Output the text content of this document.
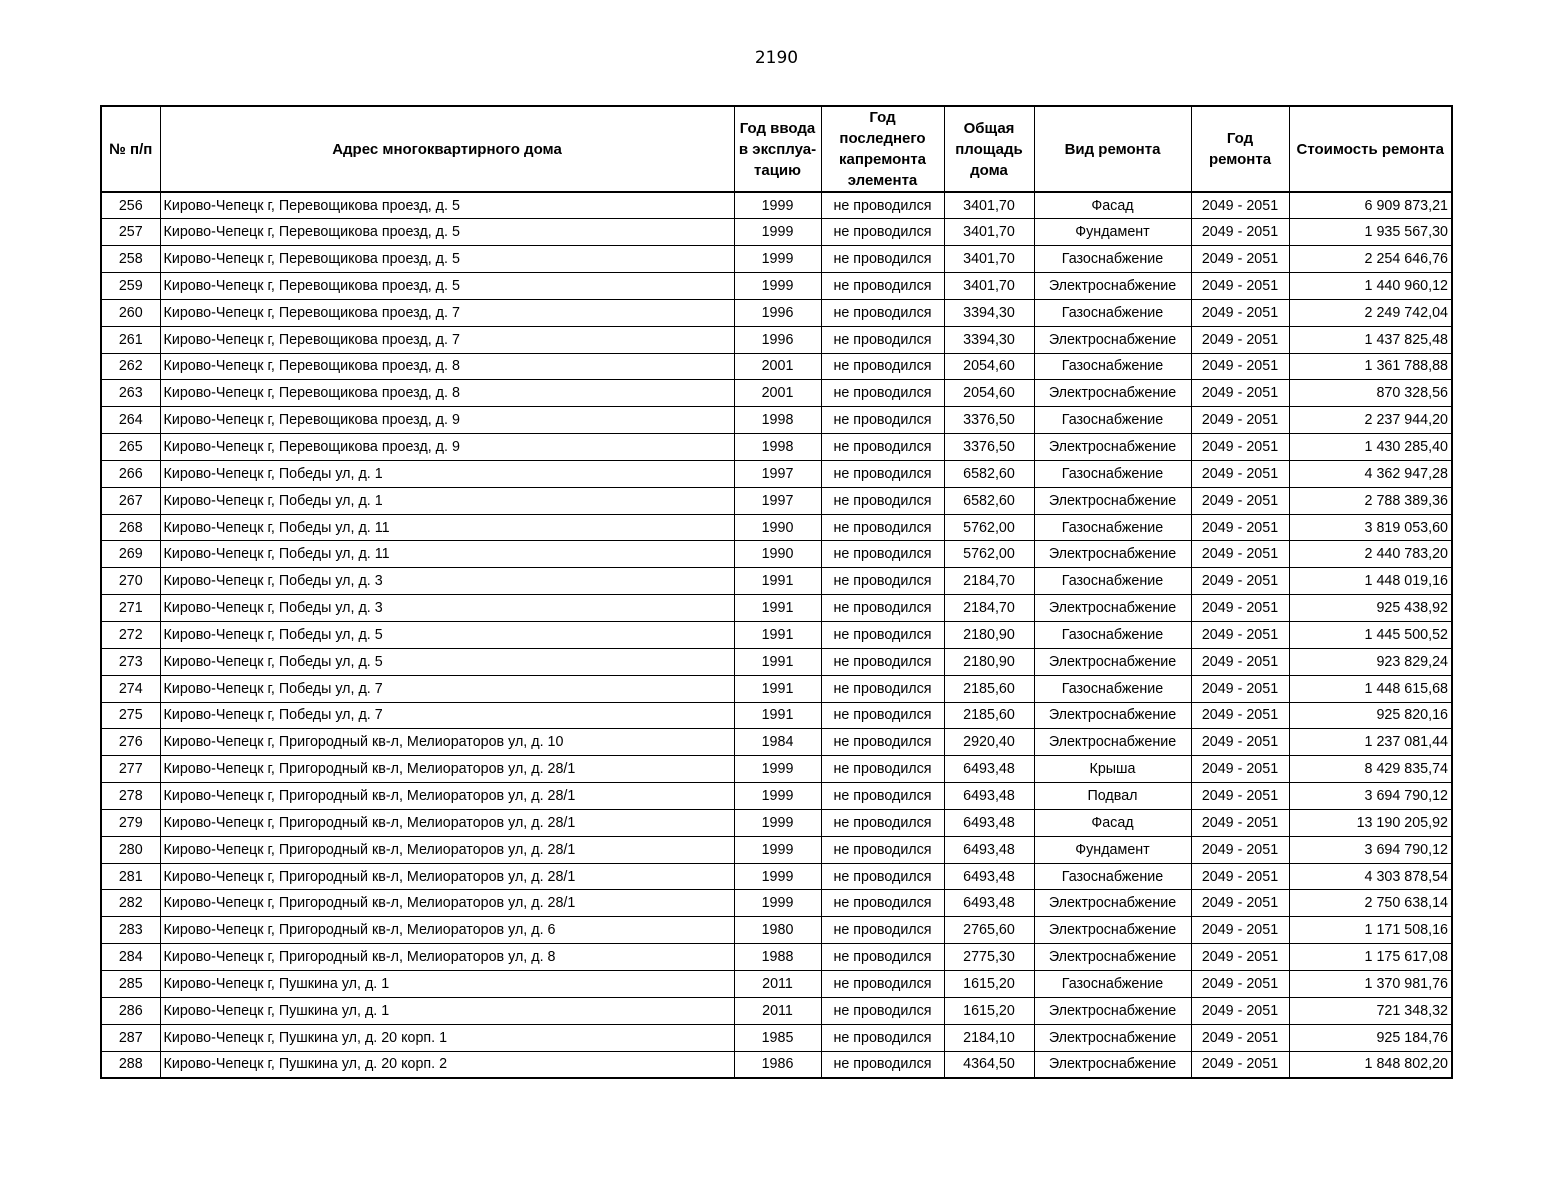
2190
№ п/п	Адрес многоквартирного дома	Год ввода в эксплуа-тацию	Год последнего капремонта элемента	Общая площадь дома	Вид ремонта	Год ремонта	Стоимость ремонта
256	Кирово-Чепецк г, Перевощикова проезд, д. 5	1999	не проводился	3401,70	Фасад	2049 - 2051	6 909 873,21
257	Кирово-Чепецк г, Перевощикова проезд, д. 5	1999	не проводился	3401,70	Фундамент	2049 - 2051	1 935 567,30
258	Кирово-Чепецк г, Перевощикова проезд, д. 5	1999	не проводился	3401,70	Газоснабжение	2049 - 2051	2 254 646,76
259	Кирово-Чепецк г, Перевощикова проезд, д. 5	1999	не проводился	3401,70	Электроснабжение	2049 - 2051	1 440 960,12
260	Кирово-Чепецк г, Перевощикова проезд, д. 7	1996	не проводился	3394,30	Газоснабжение	2049 - 2051	2 249 742,04
261	Кирово-Чепецк г, Перевощикова проезд, д. 7	1996	не проводился	3394,30	Электроснабжение	2049 - 2051	1 437 825,48
262	Кирово-Чепецк г, Перевощикова проезд, д. 8	2001	не проводился	2054,60	Газоснабжение	2049 - 2051	1 361 788,88
263	Кирово-Чепецк г, Перевощикова проезд, д. 8	2001	не проводился	2054,60	Электроснабжение	2049 - 2051	870 328,56
264	Кирово-Чепецк г, Перевощикова проезд, д. 9	1998	не проводился	3376,50	Газоснабжение	2049 - 2051	2 237 944,20
265	Кирово-Чепецк г, Перевощикова проезд, д. 9	1998	не проводился	3376,50	Электроснабжение	2049 - 2051	1 430 285,40
266	Кирово-Чепецк г, Победы ул, д. 1	1997	не проводился	6582,60	Газоснабжение	2049 - 2051	4 362 947,28
267	Кирово-Чепецк г, Победы ул, д. 1	1997	не проводился	6582,60	Электроснабжение	2049 - 2051	2 788 389,36
268	Кирово-Чепецк г, Победы ул, д. 11	1990	не проводился	5762,00	Газоснабжение	2049 - 2051	3 819 053,60
269	Кирово-Чепецк г, Победы ул, д. 11	1990	не проводился	5762,00	Электроснабжение	2049 - 2051	2 440 783,20
270	Кирово-Чепецк г, Победы ул, д. 3	1991	не проводился	2184,70	Газоснабжение	2049 - 2051	1 448 019,16
271	Кирово-Чепецк г, Победы ул, д. 3	1991	не проводился	2184,70	Электроснабжение	2049 - 2051	925 438,92
272	Кирово-Чепецк г, Победы ул, д. 5	1991	не проводился	2180,90	Газоснабжение	2049 - 2051	1 445 500,52
273	Кирово-Чепецк г, Победы ул, д. 5	1991	не проводился	2180,90	Электроснабжение	2049 - 2051	923 829,24
274	Кирово-Чепецк г, Победы ул, д. 7	1991	не проводился	2185,60	Газоснабжение	2049 - 2051	1 448 615,68
275	Кирово-Чепецк г, Победы ул, д. 7	1991	не проводился	2185,60	Электроснабжение	2049 - 2051	925 820,16
276	Кирово-Чепецк г, Пригородный кв-л, Мелиораторов ул, д. 10	1984	не проводился	2920,40	Электроснабжение	2049 - 2051	1 237 081,44
277	Кирово-Чепецк г, Пригородный кв-л, Мелиораторов ул, д. 28/1	1999	не проводился	6493,48	Крыша	2049 - 2051	8 429 835,74
278	Кирово-Чепецк г, Пригородный кв-л, Мелиораторов ул, д. 28/1	1999	не проводился	6493,48	Подвал	2049 - 2051	3 694 790,12
279	Кирово-Чепецк г, Пригородный кв-л, Мелиораторов ул, д. 28/1	1999	не проводился	6493,48	Фасад	2049 - 2051	13 190 205,92
280	Кирово-Чепецк г, Пригородный кв-л, Мелиораторов ул, д. 28/1	1999	не проводился	6493,48	Фундамент	2049 - 2051	3 694 790,12
281	Кирово-Чепецк г, Пригородный кв-л, Мелиораторов ул, д. 28/1	1999	не проводился	6493,48	Газоснабжение	2049 - 2051	4 303 878,54
282	Кирово-Чепецк г, Пригородный кв-л, Мелиораторов ул, д. 28/1	1999	не проводился	6493,48	Электроснабжение	2049 - 2051	2 750 638,14
283	Кирово-Чепецк г, Пригородный кв-л, Мелиораторов ул, д. 6	1980	не проводился	2765,60	Электроснабжение	2049 - 2051	1 171 508,16
284	Кирово-Чепецк г, Пригородный кв-л, Мелиораторов ул, д. 8	1988	не проводился	2775,30	Электроснабжение	2049 - 2051	1 175 617,08
285	Кирово-Чепецк г, Пушкина ул, д. 1	2011	не проводился	1615,20	Газоснабжение	2049 - 2051	1 370 981,76
286	Кирово-Чепецк г, Пушкина ул, д. 1	2011	не проводился	1615,20	Электроснабжение	2049 - 2051	721 348,32
287	Кирово-Чепецк г, Пушкина ул, д. 20 корп. 1	1985	не проводился	2184,10	Электроснабжение	2049 - 2051	925 184,76
288	Кирово-Чепецк г, Пушкина ул, д. 20 корп. 2	1986	не проводился	4364,50	Электроснабжение	2049 - 2051	1 848 802,20
